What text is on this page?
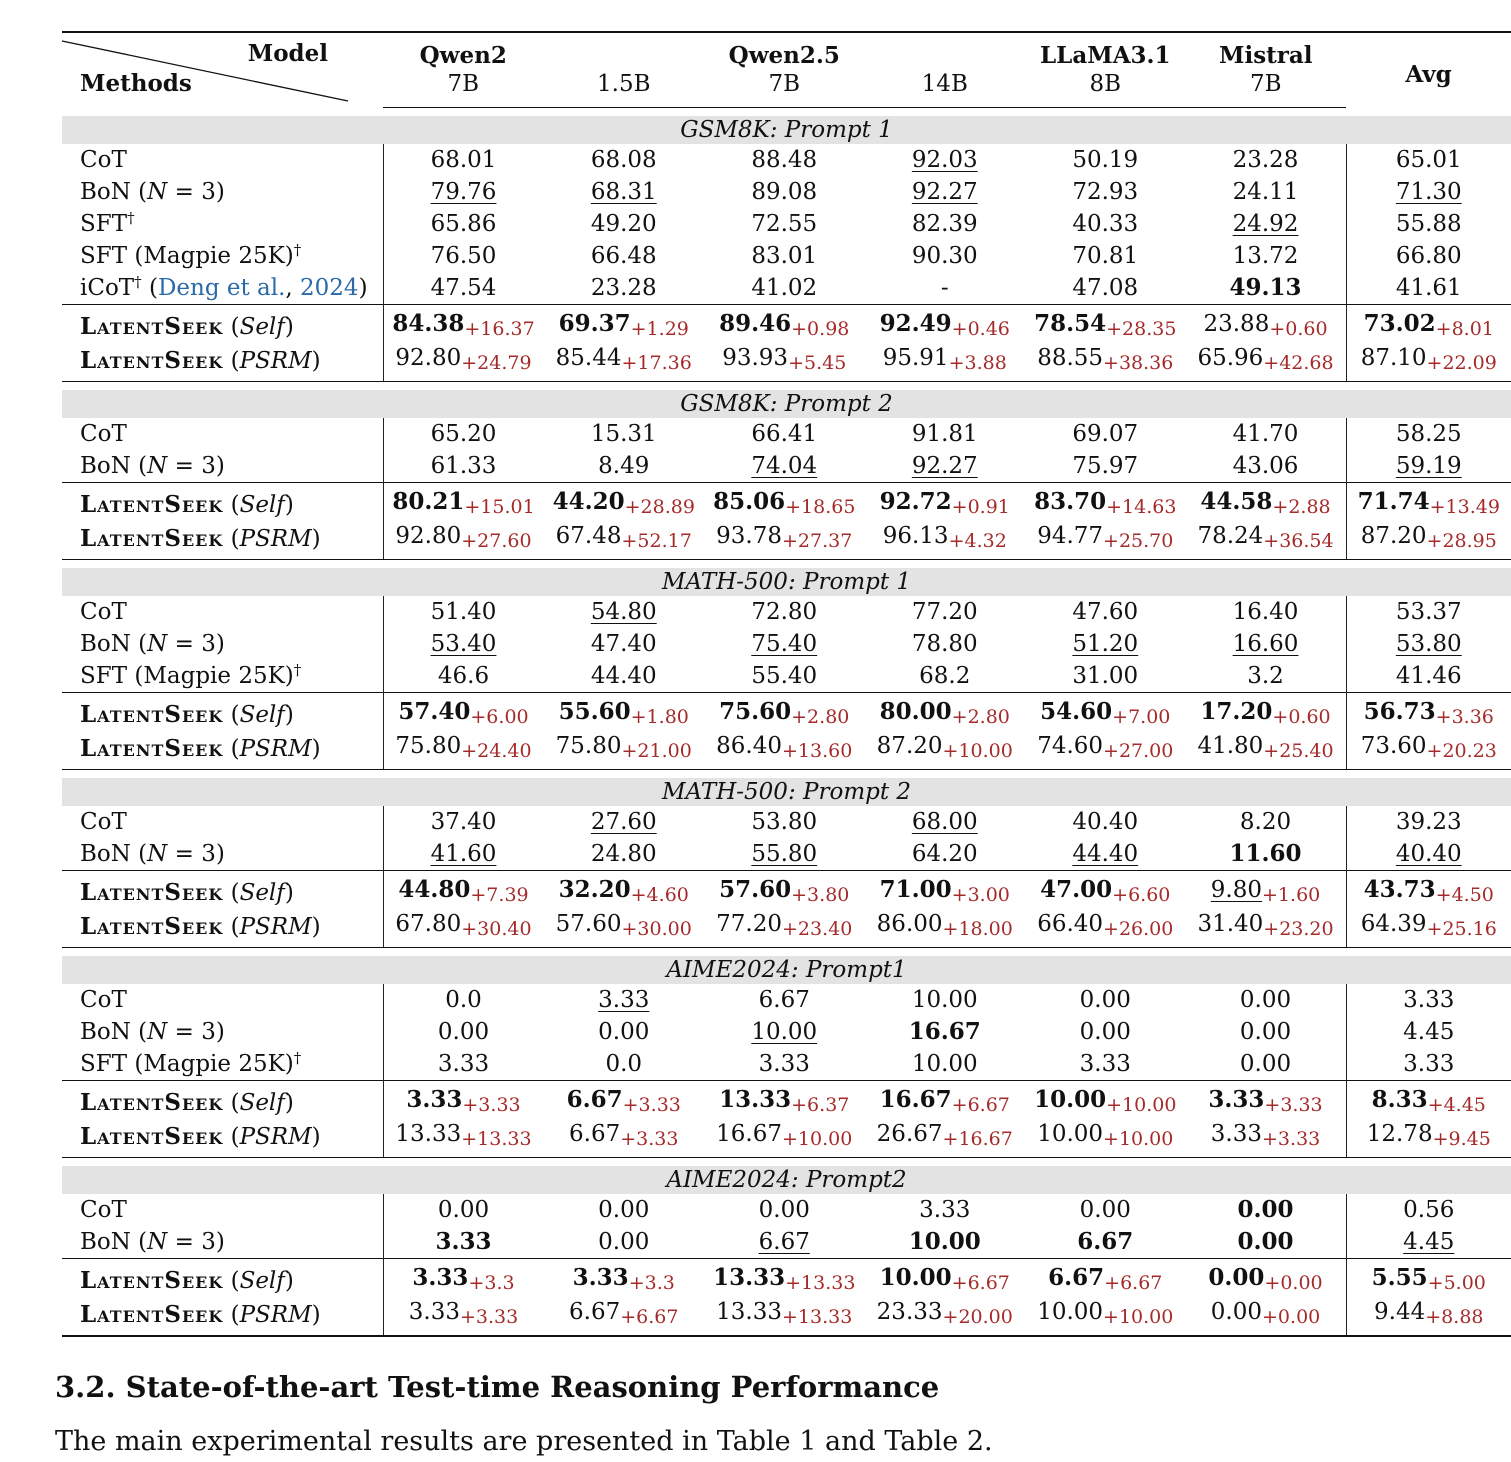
Model
Methods	Qwen2	Qwen2.5			LLaMA3.1	Mistral	Avg
	7B	1.5B	7B	14B	8B	7B	

GSM8K: Prompt 1							
CoT	68.01	68.08	88.48	92.03	50.19	23.28	65.01
BoN (N = 3)	79.76	68.31	89.08	92.27	72.93	24.11	71.30
SFT†	65.86	49.20	72.55	82.39	40.33	24.92	55.88
SFT (Magpie 25K)†	76.50	66.48	83.01	90.30	70.81	13.72	66.80
iCoT† (Deng et al., 2024)	47.54	23.28	41.02	-	47.08	49.13	41.61
LatentSeek (Self)	84.38+16.37	69.37+1.29	89.46+0.98	92.49+0.46	78.54+28.35	23.88+0.60	73.02+8.01
LatentSeek (PSRM)	92.80+24.79	85.44+17.36	93.93+5.45	95.91+3.88	88.55+38.36	65.96+42.68	87.10+22.09

GSM8K: Prompt 2							
CoT	65.20	15.31	66.41	91.81	69.07	41.70	58.25
BoN (N = 3)	61.33	8.49	74.04	92.27	75.97	43.06	59.19
LatentSeek (Self)	80.21+15.01	44.20+28.89	85.06+18.65	92.72+0.91	83.70+14.63	44.58+2.88	71.74+13.49
LatentSeek (PSRM)	92.80+27.60	67.48+52.17	93.78+27.37	96.13+4.32	94.77+25.70	78.24+36.54	87.20+28.95

MATH-500: Prompt 1							
CoT	51.40	54.80	72.80	77.20	47.60	16.40	53.37
BoN (N = 3)	53.40	47.40	75.40	78.80	51.20	16.60	53.80
SFT (Magpie 25K)†	46.6	44.40	55.40	68.2	31.00	3.2	41.46
LatentSeek (Self)	57.40+6.00	55.60+1.80	75.60+2.80	80.00+2.80	54.60+7.00	17.20+0.60	56.73+3.36
LatentSeek (PSRM)	75.80+24.40	75.80+21.00	86.40+13.60	87.20+10.00	74.60+27.00	41.80+25.40	73.60+20.23

MATH-500: Prompt 2							
CoT	37.40	27.60	53.80	68.00	40.40	8.20	39.23
BoN (N = 3)	41.60	24.80	55.80	64.20	44.40	11.60	40.40
LatentSeek (Self)	44.80+7.39	32.20+4.60	57.60+3.80	71.00+3.00	47.00+6.60	9.80+1.60	43.73+4.50
LatentSeek (PSRM)	67.80+30.40	57.60+30.00	77.20+23.40	86.00+18.00	66.40+26.00	31.40+23.20	64.39+25.16

AIME2024: Prompt1							
CoT	0.0	3.33	6.67	10.00	0.00	0.00	3.33
BoN (N = 3)	0.00	0.00	10.00	16.67	0.00	0.00	4.45
SFT (Magpie 25K)†	3.33	0.0	3.33	10.00	3.33	0.00	3.33
LatentSeek (Self)	3.33+3.33	6.67+3.33	13.33+6.37	16.67+6.67	10.00+10.00	3.33+3.33	8.33+4.45
LatentSeek (PSRM)	13.33+13.33	6.67+3.33	16.67+10.00	26.67+16.67	10.00+10.00	3.33+3.33	12.78+9.45

AIME2024: Prompt2							
CoT	0.00	0.00	0.00	3.33	0.00	0.00	0.56
BoN (N = 3)	3.33	0.00	6.67	10.00	6.67	0.00	4.45
LatentSeek (Self)	3.33+3.3	3.33+3.3	13.33+13.33	10.00+6.67	6.67+6.67	0.00+0.00	5.55+5.00
LatentSeek (PSRM)	3.33+3.33	6.67+6.67	13.33+13.33	23.33+20.00	10.00+10.00	0.00+0.00	9.44+8.88
3.2. State-of-the-art Test-time Reasoning Performance

The main experimental results are presented in Table 1 and Table 2.
